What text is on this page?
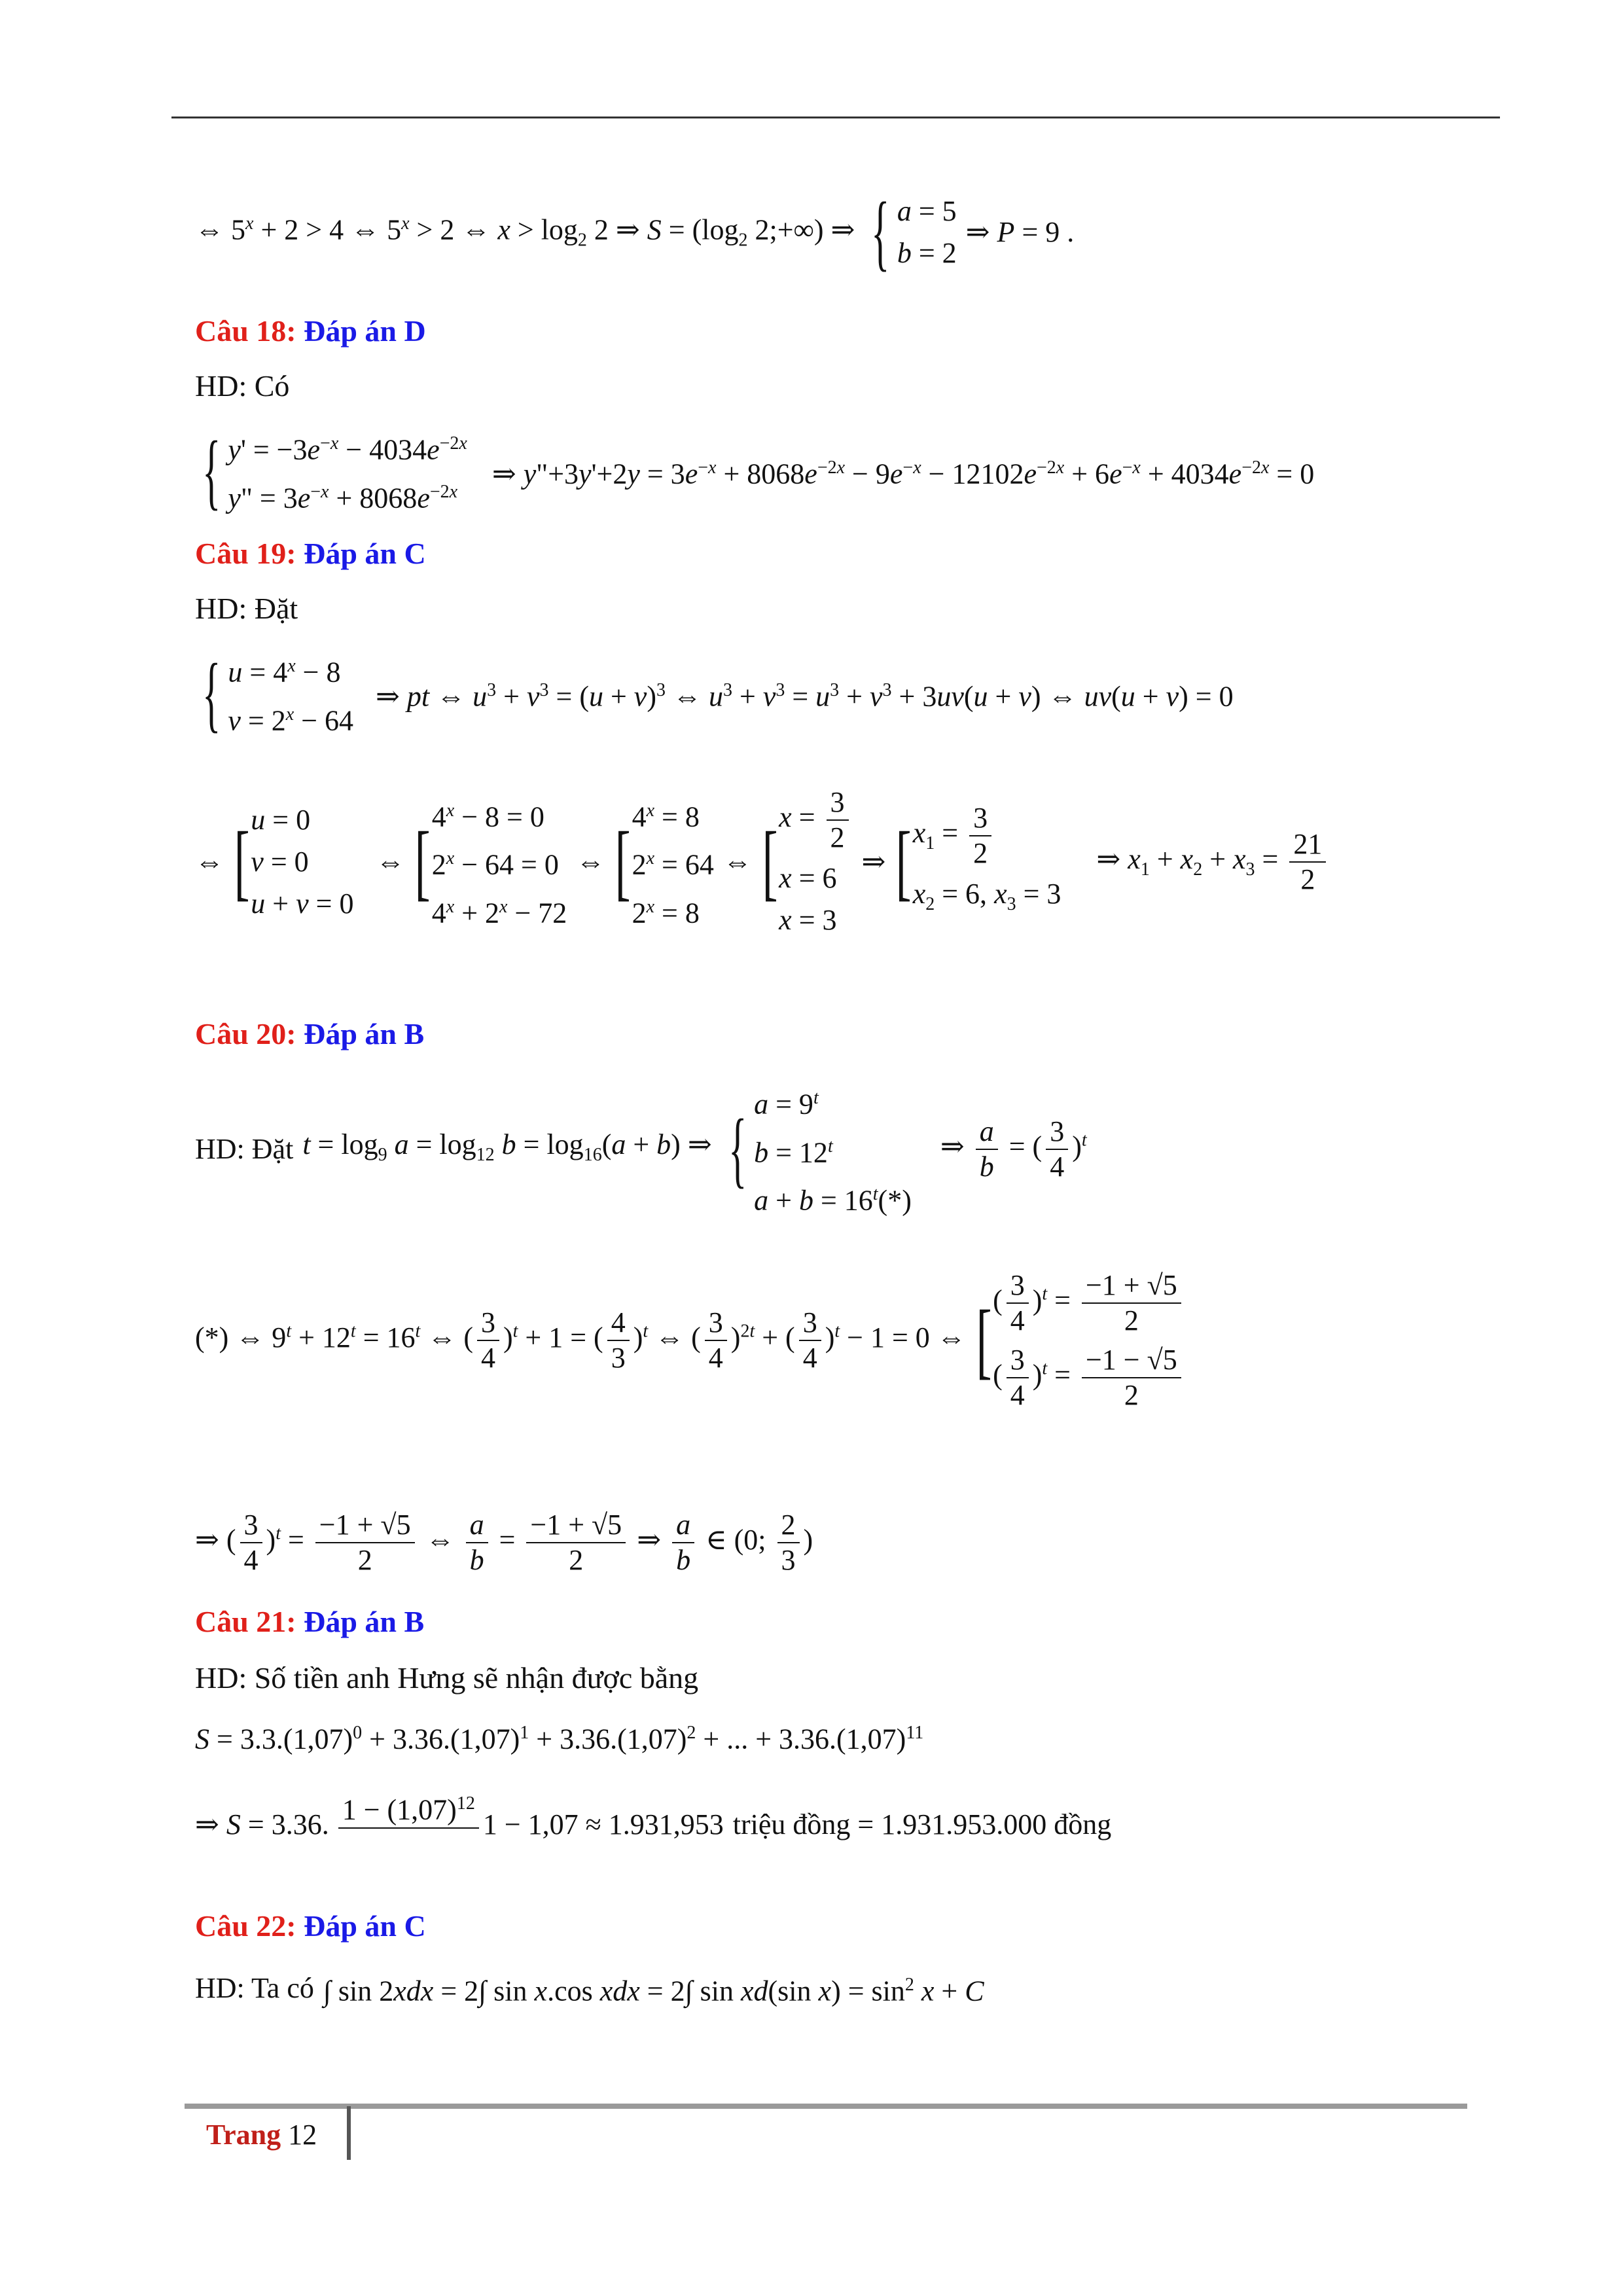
⇔ $5^x + 2 > 4$ ⇔ $5^x > 2$ ⇔ $x > \log_2 2$ ⇒ $S = (\log_2$ 2;+∞) ⇒ { a = 5
b = 2
⇒ P = 9 .
Câu 18: Đáp án D
HD: Có
{ $y' = -3e^{-x} - 4034e^{-2x}$
y" = $3e^{-x} + 8068e^{-2x}$
⇒ y"+3y'+2y = $3e^{-x} + 8068e^{-2x} - 9e^{-x} - 12102e^{-2x} + 6e^{-x} + 4034e^{-2x} = 0$
Câu 19: Đáp án C
HD: Đặt
{ $u = 4^x - 8$
$v = 2^x - 64$
⇒ pt ⇔ $u^3 + v^3 = (u + v)^3$ ⇔ $u^3 + v^3 = u^3 + v^3 + 3uv(u + v)$ ⇔ uv(u + v) = 0
⇔ [ u = 0
v = 0
u + v = 0
⇔ [ $4^x - 8 = 0$
$2^x - 64 = 0$
$4^x + 2^x - 72$
⇔ [ $4^x = 8$
$2^x = 64$
$2^x = 8$
⇔ [ $x = \frac{3}{2}$
x = 6
x = 3
⇒ [ $x_1 = \frac{3}{2}$
$x_2 = 6$, $x_3 = 3$
⇒ $x_1 + x_2 + x_3 = \frac{21}{2}$
Câu 20: Đáp án B
HD: Đặt $t = \log_9 a = \log_{12} b = \log_{16}(a + b)$ ⇒ { $a = 9^t$
$b = 12^t$
$a + b = 16^t(*)$
⇒ $\frac{a}{b}$ = ( $\frac{3}{4} )^t$
(*) ⇔ $9^t + 12^t = 16^t$ ⇔ ( $\frac{3}{4} )^t + 1$ = ( $\frac{4}{3} )^t$ ⇔ ( $\frac{3}{4} )^{2t}$ + ( $\frac{3}{4} )^t - 1 = 0$ ⇔ [ ( $\frac{3}{4} )^t = \frac{-1 + √5}{2}$
( $\frac{3}{4} )^t = \frac{-1 - √5}{2}$
⇒ ( $\frac{3}{4} )^t = \frac{-1 + √5}{2}$ ⇔ $\frac{a}{b} = \frac{-1 + √5}{2}$ ⇒ $\frac{a}{b}$ ∈ (0; $\frac{2}{3}$ )
Câu 21: Đáp án B
HD: Số tiền anh Hưng sẽ nhận được bằng
$S = 3.3.(1,07)^0 + 3.36.(1,07)^1 + 3.36.(1,07)^2$ + ... + $3.36.(1,07)^{11}$
⇒ S = 3.36. $1 - (1,07)^{12}$

1 − 1,07 ≈ 1.931,953 triệu đồng = 1.931.953.000 đồng
Câu 22: Đáp án C
HD: Ta có ∫ sin 2xdx = 2∫ sin x.cos xdx = 2∫ sin xd(sin $x) = \sin^2 x + C$
Trang 12
